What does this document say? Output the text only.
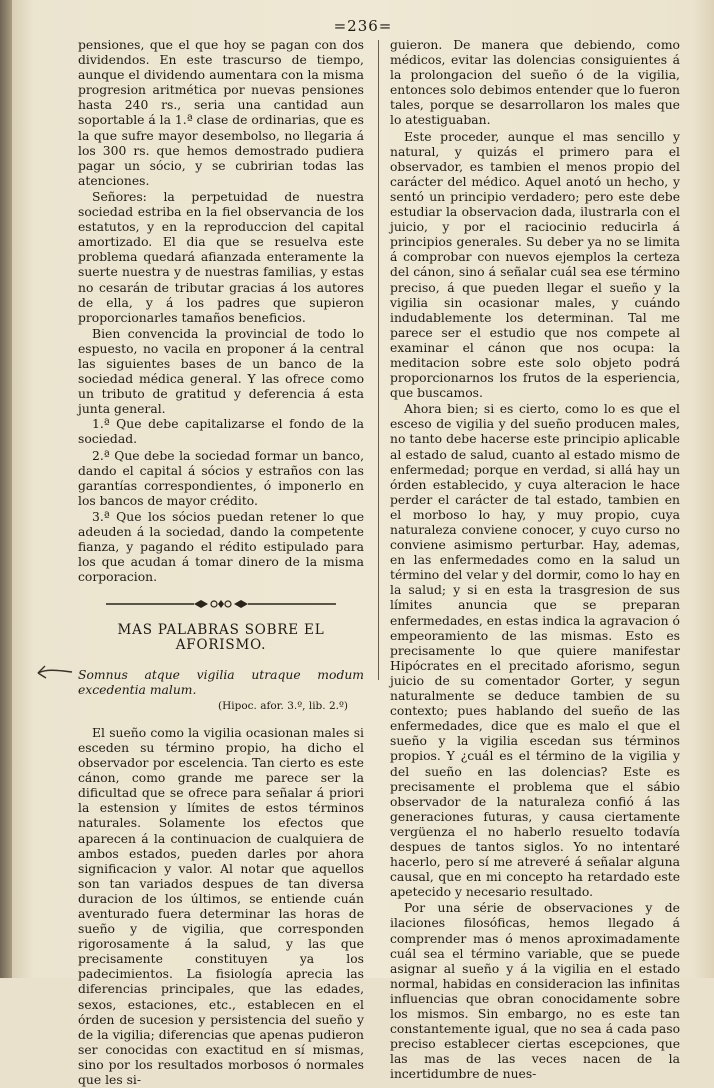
=236=

pensiones, que el que hoy se pagan con dos dividendos. En este trascurso de tiempo, aunque el dividendo aumentara con la misma progresion aritmética por nuevas pensiones hasta 240 rs., seria una cantidad aun soportable á la 1.ª clase de ordinarias, que es la que sufre mayor desembolso, no llegaria á los 300 rs. que hemos demostrado pudiera pagar un sócio, y se cubririan todas las atenciones.

Señores: la perpetuidad de nuestra sociedad estriba en la fiel observancia de los estatutos, y en la reproduccion del capital amortizado. El dia que se resuelva este problema quedará afianzada enteramente la suerte nuestra y de nuestras familias, y estas no cesarán de tributar gracias á los autores de ella, y á los padres que supieron proporcionarles tamaños beneficios.

Bien convencida la provincial de todo lo espuesto, no vacila en proponer á la central las siguientes bases de un banco de la sociedad médica general. Y las ofrece como un tributo de gratitud y deferencia á esta junta general.

1.ª Que debe capitalizarse el fondo de la sociedad.

2.ª Que debe la sociedad formar un banco, dando el capital á sócios y estraños con las garantías correspondientes, ó imponerlo en los bancos de mayor crédito.

3.ª Que los sócios puedan retener lo que adeuden á la sociedad, dando la competente fianza, y pagando el rédito estipulado para los que acudan á tomar dinero de la misma corporacion.

MAS PALABRAS SOBRE EL AFORISMO.

Somnus atque vigilia utraque modum excedentia malum.

(Hipoc. afor. 3.º, lib. 2.º)

El sueño como la vigilia ocasionan males si esceden su término propio, ha dicho el observador por escelencia. Tan cierto es este cánon, como grande me parece ser la dificultad que se ofrece para señalar á priori la estension y límites de estos términos naturales. Solamente los efectos que aparecen á la continuacion de cualquiera de ambos estados, pueden darles por ahora significacion y valor. Al notar que aquellos son tan variados despues de tan diversa duracion de los últimos, se entiende cuán aventurado fuera determinar las horas de sueño y de vigilia, que corresponden rigorosamente á la salud, y las que precisamente constituyen ya los padecimientos. La fisiología aprecia las diferencias principales, que las edades, sexos, estaciones, etc., establecen en el órden de sucesion y persistencia del sueño y de la vigilia; diferencias que apenas pudieron ser conocidas con exactitud en sí mismas, sino por los resultados morbosos ó normales que les si-

guieron. De manera que debiendo, como médicos, evitar las dolencias consiguientes á la prolongacion del sueño ó de la vigilia, entonces solo debimos entender que lo fueron tales, porque se desarrollaron los males que lo atestiguaban.

Este proceder, aunque el mas sencillo y natural, y quizás el primero para el observador, es tambien el menos propio del carácter del médico. Aquel anotó un hecho, y sentó un principio verdadero; pero este debe estudiar la observacion dada, ilustrarla con el juicio, y por el raciocinio reducirla á principios generales. Su deber ya no se limita á comprobar con nuevos ejemplos la certeza del cánon, sino á señalar cuál sea ese término preciso, á que pueden llegar el sueño y la vigilia sin ocasionar males, y cuándo indudablemente los determinan. Tal me parece ser el estudio que nos compete al examinar el cánon que nos ocupa: la meditacion sobre este solo objeto podrá proporcionarnos los frutos de la esperiencia, que buscamos.

Ahora bien; si es cierto, como lo es que el esceso de vigilia y del sueño producen males, no tanto debe hacerse este principio aplicable al estado de salud, cuanto al estado mismo de enfermedad; porque en verdad, si allá hay un órden establecido, y cuya alteracion le hace perder el carácter de tal estado, tambien en el morboso lo hay, y muy propio, cuya naturaleza conviene conocer, y cuyo curso no conviene asimismo perturbar. Hay, ademas, en las enfermedades como en la salud un término del velar y del dormir, como lo hay en la salud; y si en esta la trasgresion de sus límites anuncia que se preparan enfermedades, en estas indica la agravacion ó empeoramiento de las mismas. Esto es precisamente lo que quiere manifestar Hipócrates en el precitado aforismo, segun juicio de su comentador Gorter, y segun naturalmente se deduce tambien de su contexto; pues hablando del sueño de las enfermedades, dice que es malo el que el sueño y la vigilia escedan sus términos propios. Y ¿cuál es el término de la vigilia y del sueño en las dolencias? Este es precisamente el problema que el sábio observador de la naturaleza confió á las generaciones futuras, y causa ciertamente vergüenza el no haberlo resuelto todavía despues de tantos siglos. Yo no intentaré hacerlo, pero sí me atreveré á señalar alguna causal, que en mi concepto ha retardado este apetecido y necesario resultado.

Por una série de observaciones y de ilaciones filosóficas, hemos llegado á comprender mas ó menos aproximadamente cuál sea el término variable, que se puede asignar al sueño y á la vigilia en el estado normal, habidas en consideracion las infinitas influencias que obran conocidamente sobre los mismos. Sin embargo, no es este tan constantemente igual, que no sea á cada paso preciso establecer ciertas escepciones, que las mas de las veces nacen de la incertidumbre de nues-
